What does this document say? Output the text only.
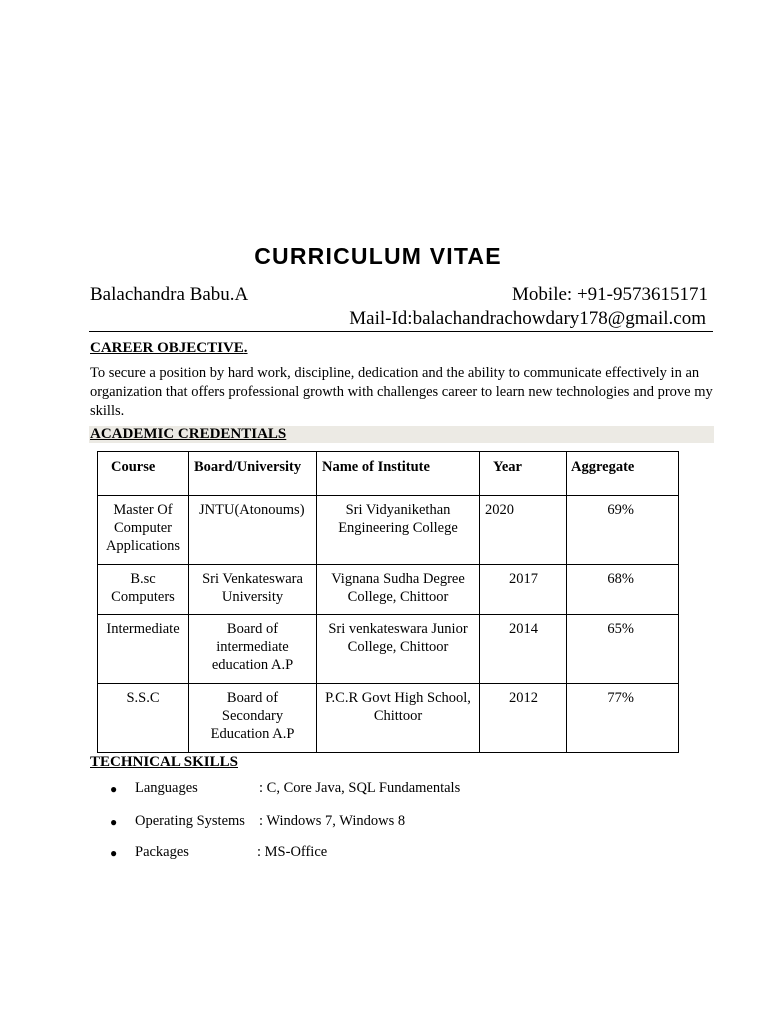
CURRICULUM VITAE
Balachandra Babu.A	Mobile: +91-9573615171
Mail-Id:balachandrachowdary178@gmail.com
CAREER OBJECTIVE.
To secure a position by hard work, discipline, dedication and the ability to communicate effectively in an organization that offers professional growth with challenges career to learn new technologies and prove my skills.
ACADEMIC CREDENTIALS
Course	Board/University	Name of Institute	Year	Aggregate
Master Of Computer Applications	JNTU(Atonoums)	Sri Vidyanikethan Engineering College	2020	69%
B.sc Computers	Sri Venkateswara University	Vignana Sudha Degree College, Chittoor	2017	68%
Intermediate	Board of intermediate education A.P	Sri venkateswara Junior College, Chittoor	2014	65%
S.S.C	Board of Secondary Education A.P	P.C.R Govt High School, Chittoor	2012	77%
TECHNICAL SKILLS
● Languages	: C, Core Java, SQL Fundamentals
● Operating Systems : Windows 7, Windows 8
● Packages	: MS-Office
